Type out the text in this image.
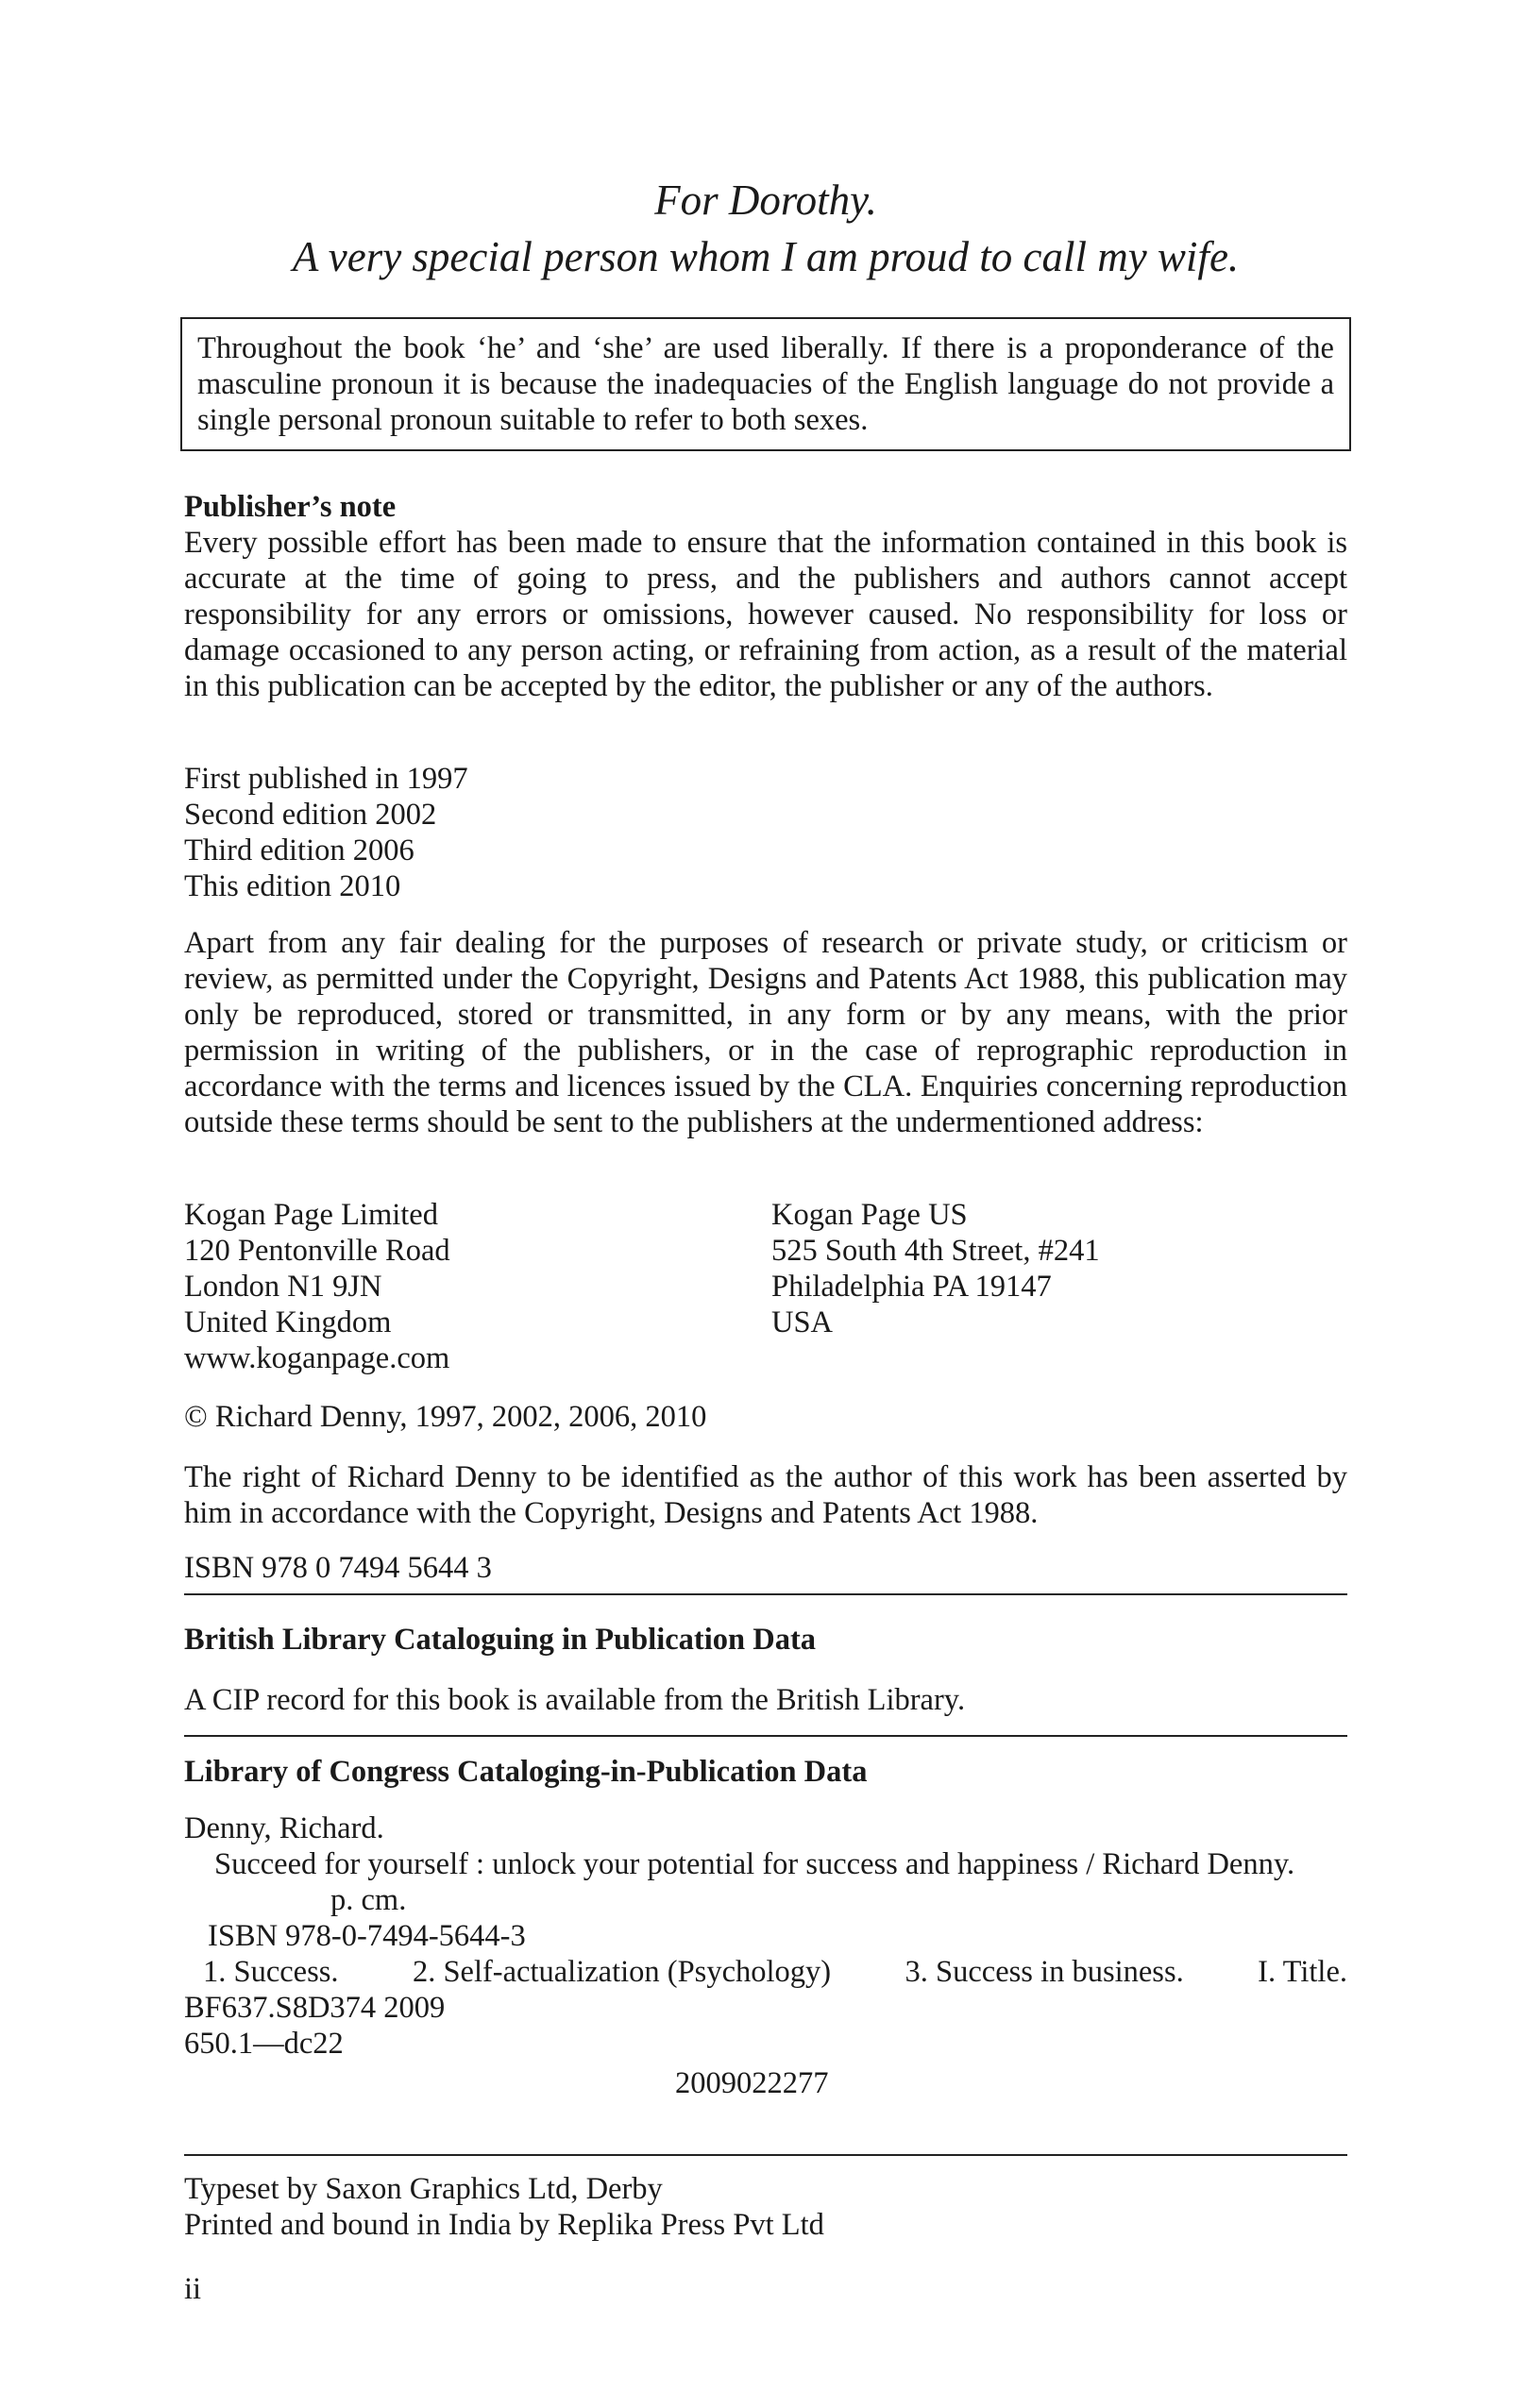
For Dorothy.
A very special person whom I am proud to call my wife.
Throughout the book ‘he’ and ‘she’ are used liberally. If there is a proponderance of the masculine pronoun it is because the inadequacies of the English language do not provide a single personal pronoun suitable to refer to both sexes.

Publisher’s note

Every possible effort has been made to ensure that the information contained in this book is accurate at the time of going to press, and the publishers and authors cannot accept responsibility for any errors or omissions, however caused. No responsibility for loss or damage occasioned to any person acting, or refraining from action, as a result of the material in this publication can be accepted by the editor, the publisher or any of the authors.

First published in 1997
Second edition 2002
Third edition 2006
This edition 2010

Apart from any fair dealing for the purposes of research or private study, or criticism or review, as permitted under the Copyright, Designs and Patents Act 1988, this publication may only be reproduced, stored or transmitted, in any form or by any means, with the prior permission in writing of the publishers, or in the case of reprographic reproduction in accordance with the terms and licences issued by the CLA. Enquiries concerning reproduction outside these terms should be sent to the publishers at the undermentioned address:

Kogan Page Limited
120 Pentonville Road
London N1 9JN
United Kingdom
www.koganpage.com
Kogan Page US
525 South 4th Street, #241
Philadelphia PA 19147
USA
© Richard Denny, 1997, 2002, 2006, 2010
The right of Richard Denny to be identified as the author of this work has been asserted by him in accordance with the Copyright, Designs and Patents Act 1988.
ISBN 978 0 7494 5644 3
British Library Cataloguing in Publication Data
A CIP record for this book is available from the British Library.
Library of Congress Cataloging-in-Publication Data
Denny, Richard.
Succeed for yourself : unlock your potential for success and happiness / Richard Denny.
p. cm.
ISBN 978-0-7494-5644-3
1. Success. 2. Self-actualization (Psychology) 3. Success in business. I. Title.
BF637.S8D374 2009
650.1—dc22
2009022277
Typeset by Saxon Graphics Ltd, Derby
Printed and bound in India by Replika Press Pvt Ltd
ii
